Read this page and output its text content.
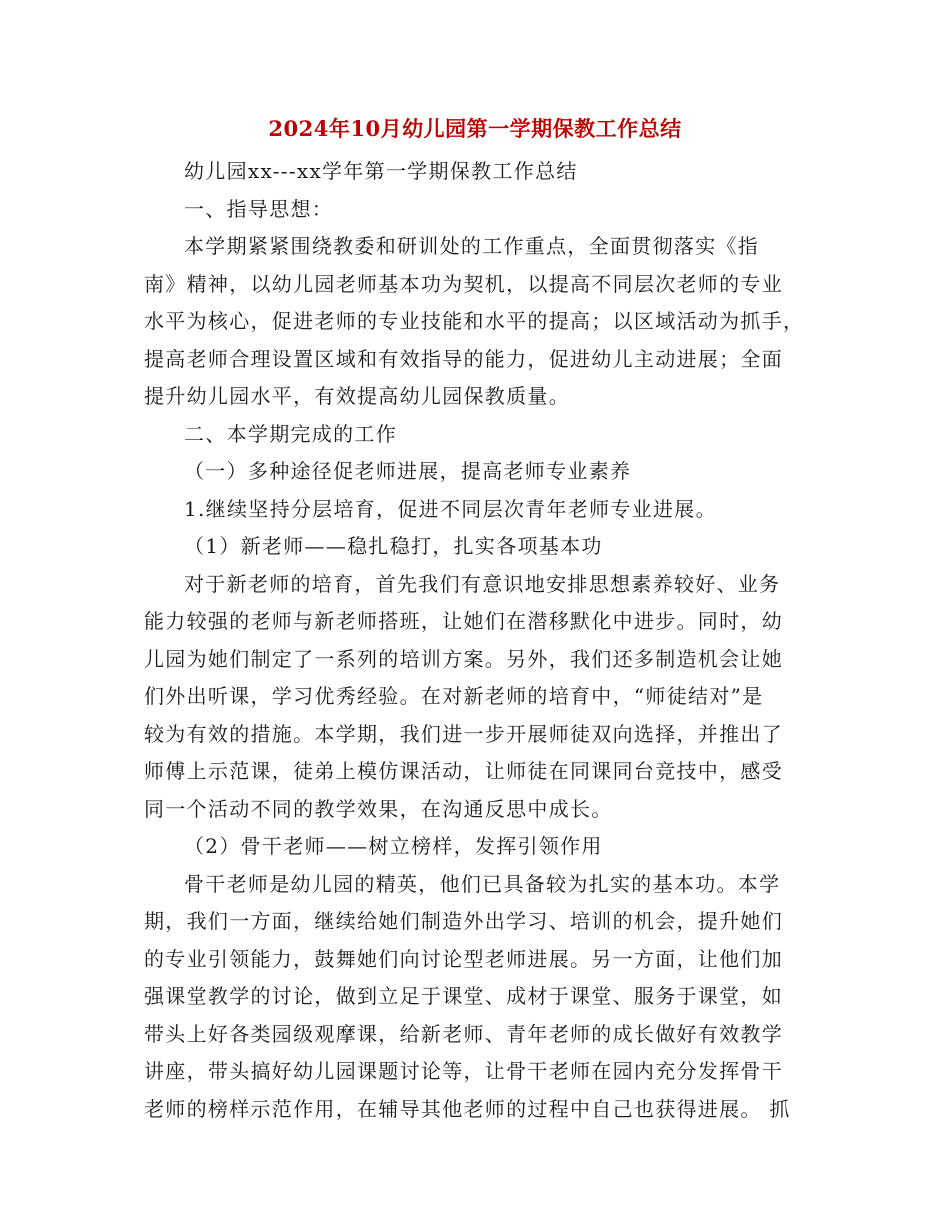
2024年10月幼儿园第一学期保教工作总结
幼儿园xx---xx学年第一学期保教工作总结
一、指导思想：
本学期紧紧围绕教委和研训处的工作重点，全面贯彻落实《指
南》精神，以幼儿园老师基本功为契机，以提高不同层次老师的专业
水平为核心，促进老师的专业技能和水平的提高；以区域活动为抓手，
提高老师合理设置区域和有效指导的能力，促进幼儿主动进展；全面
提升幼儿园水平，有效提高幼儿园保教质量。
二、本学期完成的工作
（一）多种途径促老师进展，提高老师专业素养
1.继续坚持分层培育，促进不同层次青年老师专业进展。
（1）新老师——稳扎稳打，扎实各项基本功
对于新老师的培育，首先我们有意识地安排思想素养较好、业务
能力较强的老师与新老师搭班，让她们在潜移默化中进步。同时，幼
儿园为她们制定了一系列的培训方案。另外，我们还多制造机会让她
们外出听课，学习优秀经验。在对新老师的培育中，“师徒结对”是
较为有效的措施。本学期，我们进一步开展师徒双向选择，并推出了
师傅上示范课，徒弟上模仿课活动，让师徒在同课同台竞技中，感受
同一个活动不同的教学效果，在沟通反思中成长。
（2）骨干老师——树立榜样，发挥引领作用
骨干老师是幼儿园的精英，他们已具备较为扎实的基本功。本学
期，我们一方面，继续给她们制造外出学习、培训的机会，提升她们
的专业引领能力，鼓舞她们向讨论型老师进展。另一方面，让他们加
强课堂教学的讨论，做到立足于课堂、成材于课堂、服务于课堂，如
带头上好各类园级观摩课，给新老师、青年老师的成长做好有效教学
讲座，带头搞好幼儿园课题讨论等，让骨干老师在园内充分发挥骨干
老师的榜样示范作用，在辅导其他老师的过程中自己也获得进展。 抓
